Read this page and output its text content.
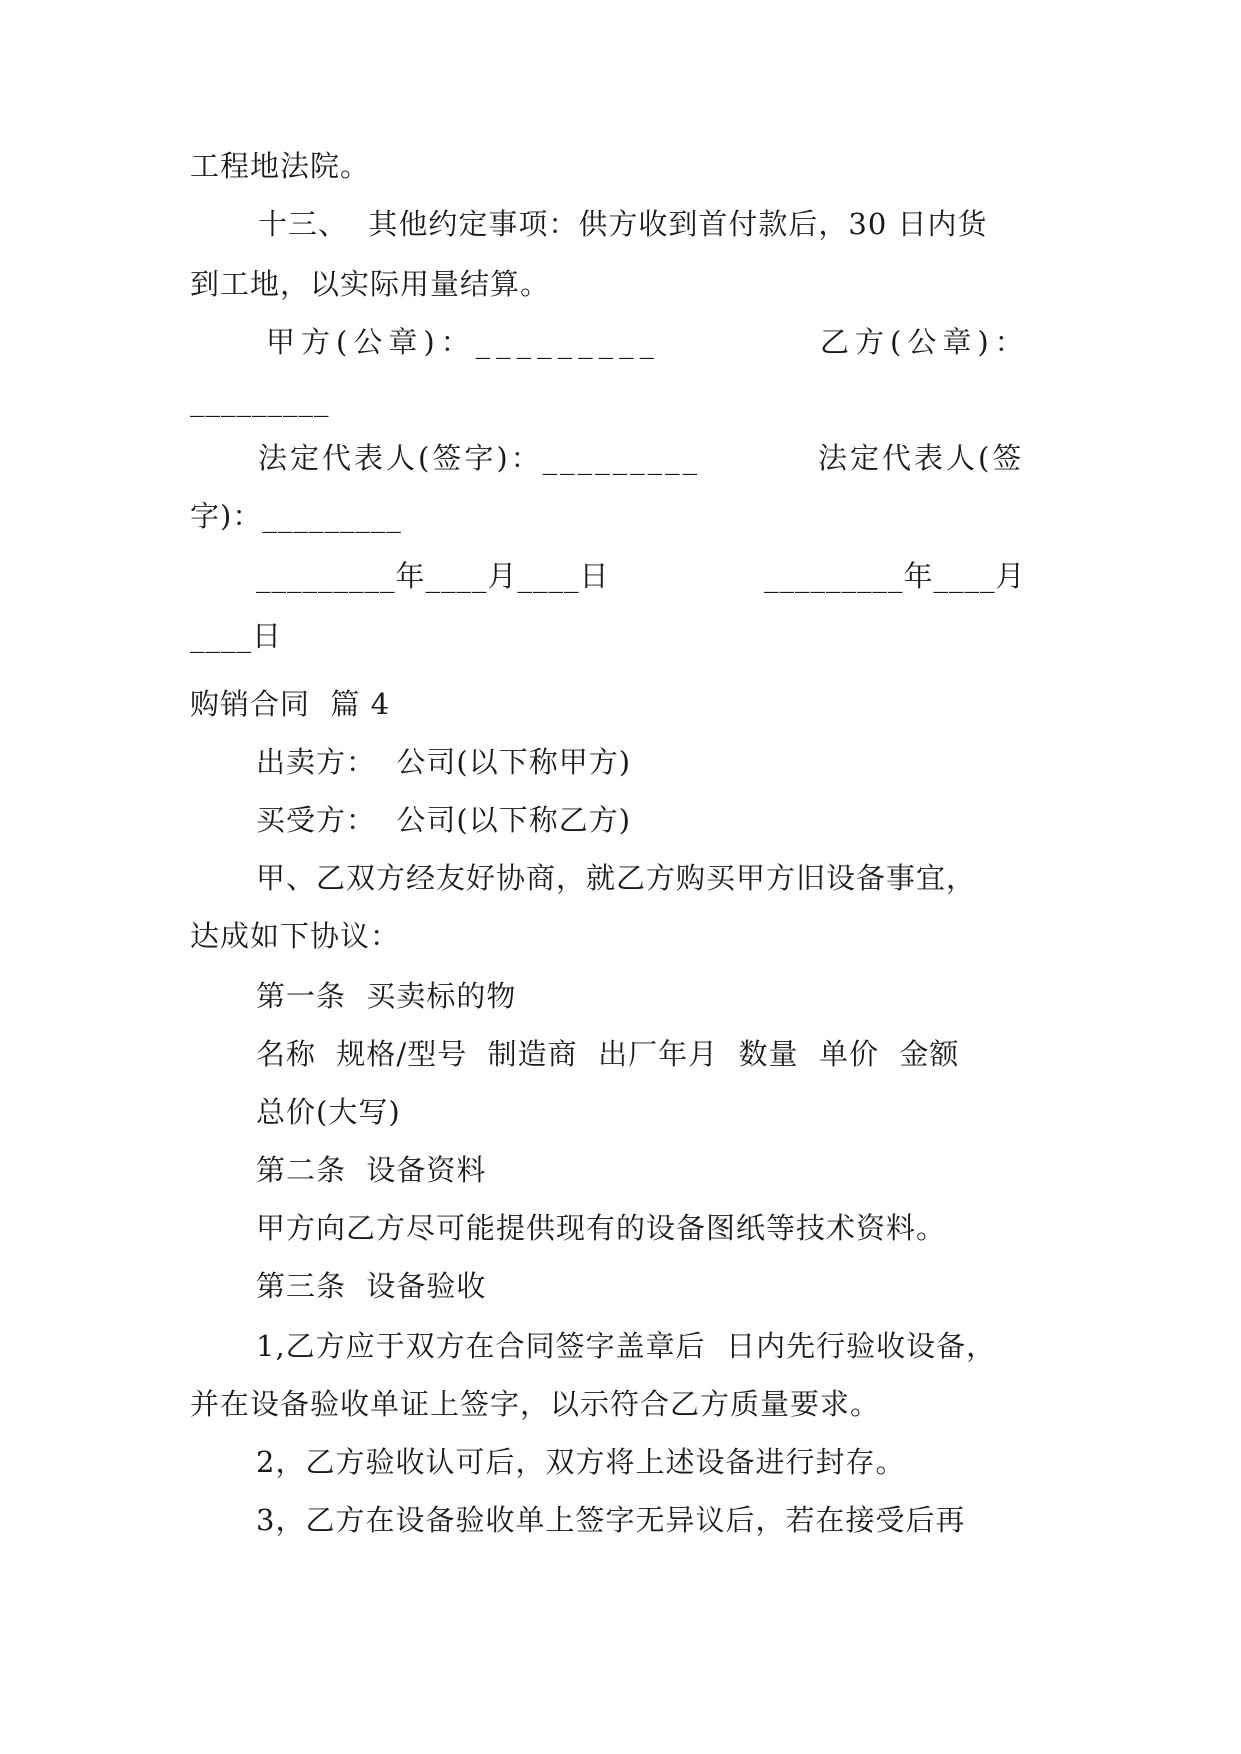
工程地法院。
十三、  其他约定事项：供方收到首付款后，30 日内货
到工地，以实际用量结算。
甲方(公章)：_________	乙方(公章)：
_________
法定代表人(签字)：_________	法定代表人(签
字)：_________
_________年____月____日	_________年____月
____日
购销合同  篇 4
出卖方：  公司(以下称甲方)
买受方：  公司(以下称乙方)
甲、乙双方经友好协商，就乙方购买甲方旧设备事宜，
达成如下协议：
第一条  买卖标的物
名称  规格/型号  制造商  出厂年月  数量  单价  金额
总价(大写)
第二条  设备资料
甲方向乙方尽可能提供现有的设备图纸等技术资料。
第三条  设备验收
1,乙方应于双方在合同签字盖章后  日内先行验收设备，
并在设备验收单证上签字，以示符合乙方质量要求。
2，乙方验收认可后，双方将上述设备进行封存。
3，乙方在设备验收单上签字无异议后，若在接受后再
